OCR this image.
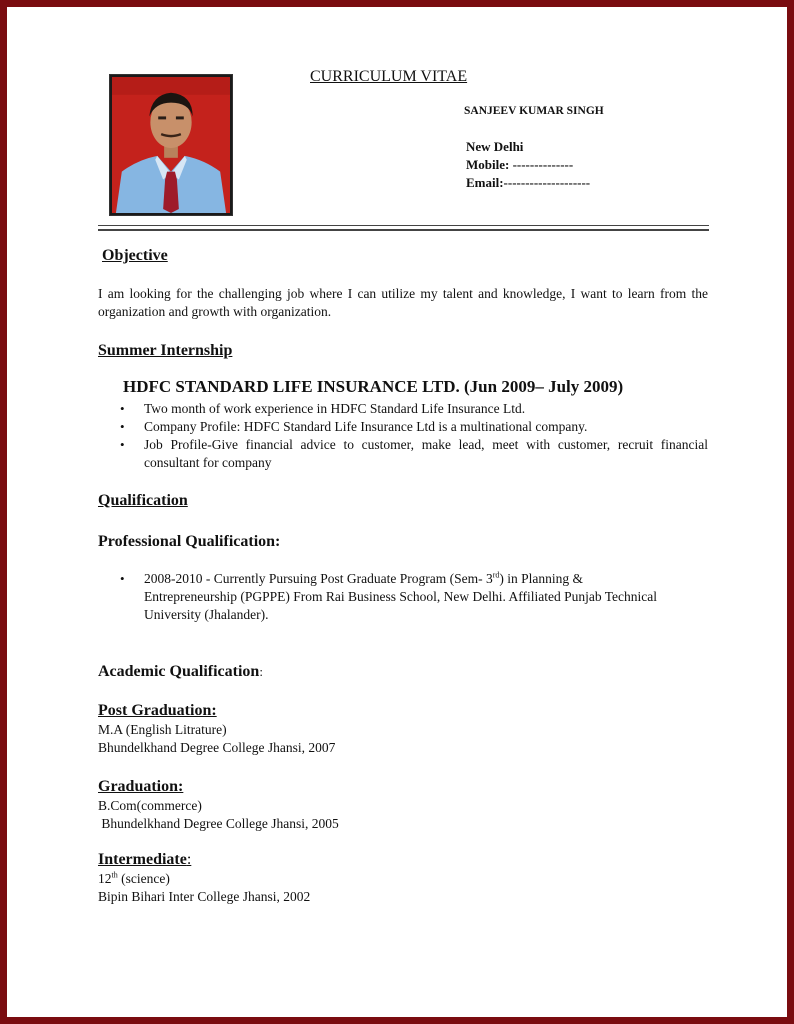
CURRICULUM VITAE
SANJEEV KUMAR SINGH
New Delhi
Mobile: --------------
Email:--------------------
Objective
I am looking for the challenging job where I can utilize my talent and knowledge, I want to learn from the organization and growth with organization.
Summer Internship
HDFC STANDARD LIFE INSURANCE LTD. (Jun 2009– July 2009)
• Two month of work experience in HDFC Standard Life Insurance Ltd.
• Company Profile: HDFC Standard Life Insurance Ltd is a multinational company.
• Job Profile-Give financial advice to customer, make lead, meet with customer, recruit financial consultant for company
Qualification
Professional Qualification:
• 2008-2010 - Currently Pursuing Post Graduate Program (Sem- 3rd) in Planning & Entrepreneurship (PGPPE) From Rai Business School, New Delhi. Affiliated Punjab Technical University (Jhalander).
Academic Qualification:
Post Graduation:
M.A (English Litrature)
Bhundelkhand Degree College Jhansi, 2007
Graduation:
B.Com(commerce)
Bhundelkhand Degree College Jhansi, 2005
Intermediate:
12th (science)
Bipin Bihari Inter College Jhansi, 2002
